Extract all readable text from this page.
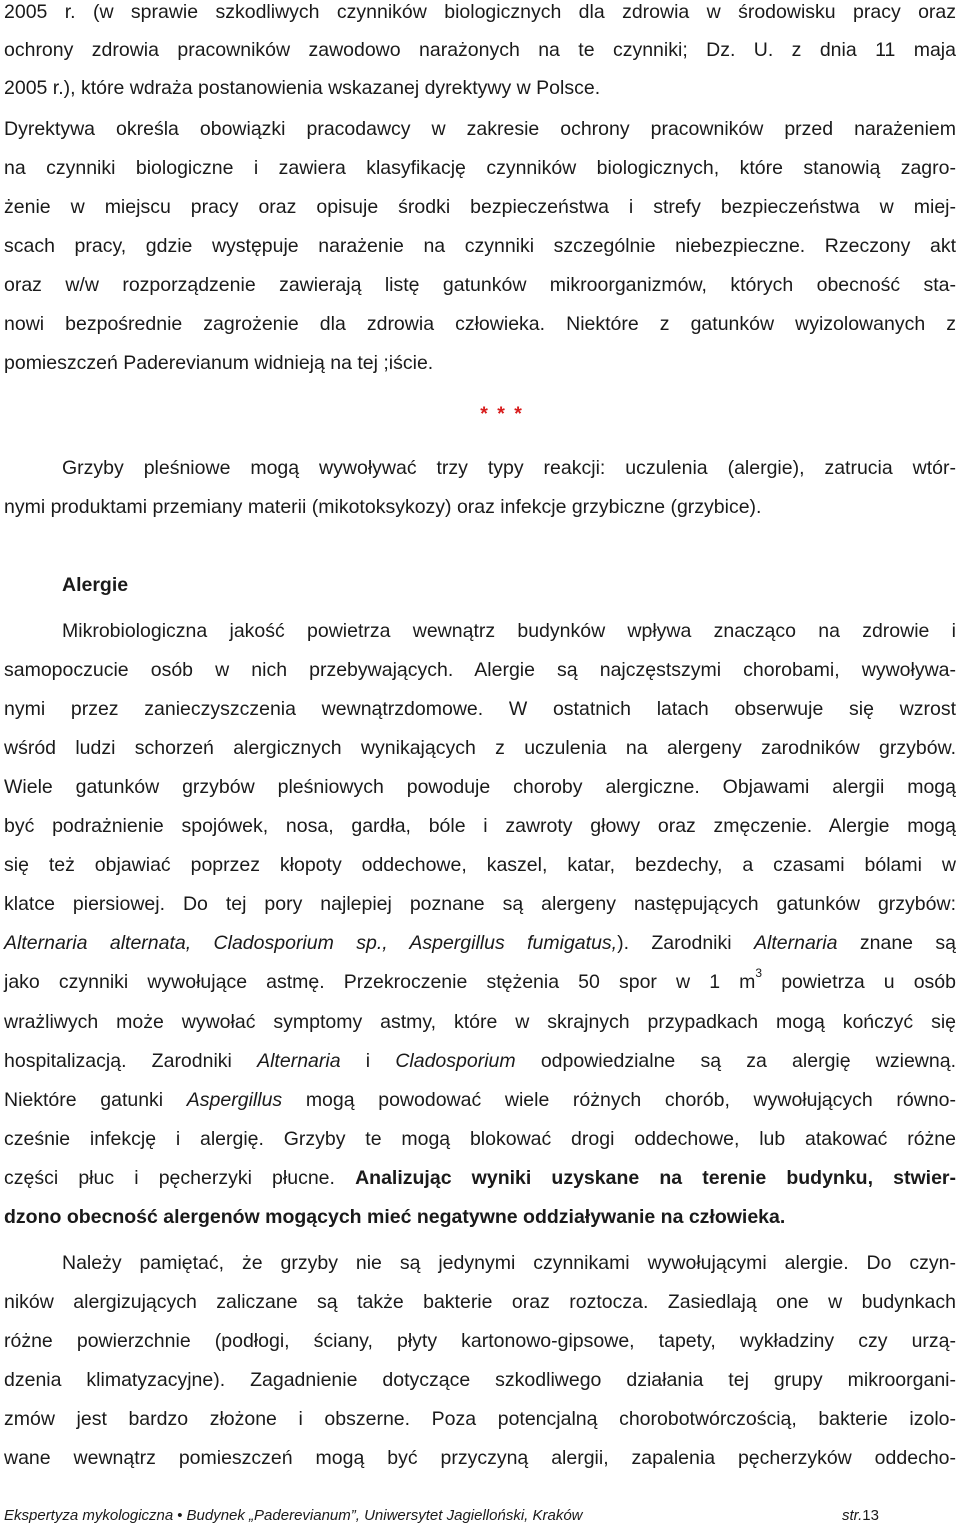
2005 r. (w sprawie szkodliwych czynników biologicznych dla zdrowia w środowisku pracy oraz

ochrony zdrowia pracowników zawodowo narażonych na te czynniki; Dz. U. z dnia 11 maja

2005 r.), które wdraża postanowienia wskazanej dyrektywy w Polsce.

Dyrektywa określa obowiązki pracodawcy w zakresie ochrony pracowników przed narażeniem

na czynniki biologiczne i zawiera klasyfikację czynników biologicznych, które stanowią zagro-

żenie w miejscu pracy oraz opisuje środki bezpieczeństwa i strefy bezpieczeństwa w miej-

scach pracy, gdzie występuje narażenie na czynniki szczególnie niebezpieczne. Rzeczony akt

oraz w/w rozporządzenie zawierają listę gatunków mikroorganizmów, których obecność sta-

nowi bezpośrednie zagrożenie dla zdrowia człowieka. Niektóre z gatunków wyizolowanych z

pomieszczeń Paderevianum widnieją na tej ;iście.

* * *

Grzyby pleśniowe mogą wywoływać trzy typy reakcji: uczulenia (alergie), zatrucia wtór-

nymi produktami przemiany materii (mikotoksykozy) oraz infekcje grzybiczne (grzybice).

Alergie

Mikrobiologiczna jakość powietrza wewnątrz budynków wpływa znacząco na zdrowie i

samopoczucie osób w nich przebywających. Alergie są najczęstszymi chorobami, wywoływa-

nymi przez zanieczyszczenia wewnątrzdomowe. W ostatnich latach obserwuje się wzrost

wśród ludzi schorzeń alergicznych wynikających z uczulenia na alergeny zarodników grzybów.

Wiele gatunków grzybów pleśniowych powoduje choroby alergiczne. Objawami alergii mogą

być podrażnienie spojówek, nosa, gardła, bóle i zawroty głowy oraz zmęczenie. Alergie mogą

się też objawiać poprzez kłopoty oddechowe, kaszel, katar, bezdechy, a czasami bólami w

klatce piersiowej. Do tej pory najlepiej poznane są alergeny następujących gatunków grzybów:

Alternaria alternata, Cladosporium sp., Aspergillus fumigatus,). Zarodniki Alternaria znane są

jako czynniki wywołujące astmę. Przekroczenie stężenia 50 spor w 1 $m^3$ powietrza u osób

wrażliwych może wywołać symptomy astmy, które w skrajnych przypadkach mogą kończyć się

hospitalizacją. Zarodniki Alternaria i Cladosporium odpowiedzialne są za alergię wziewną.

Niektóre gatunki Aspergillus mogą powodować wiele różnych chorób, wywołujących równo-

cześnie infekcję i alergię. Grzyby te mogą blokować drogi oddechowe, lub atakować różne

części płuc i pęcherzyki płucne. Analizując wyniki uzyskane na terenie budynku, stwier-

dzono obecność alergenów mogących mieć negatywne oddziaływanie na człowieka.

Należy pamiętać, że grzyby nie są jedynymi czynnikami wywołującymi alergie. Do czyn-

ników alergizujących zaliczane są także bakterie oraz roztocza. Zasiedlają one w budynkach

różne powierzchnie (podłogi, ściany, płyty kartonowo-gipsowe, tapety, wykładziny czy urzą-

dzenia klimatyzacyjne). Zagadnienie dotyczące szkodliwego działania tej grupy mikroorgani-

zmów jest bardzo złożone i obszerne. Poza potencjalną chorobotwórczością, bakterie izolo-

wane wewnątrz pomieszczeń mogą być przyczyną alergii, zapalenia pęcherzyków oddecho-

Ekspertyza mykologiczna • Budynek „Paderevianum”, Uniwersytet Jagielloński, Kraków	str.13
